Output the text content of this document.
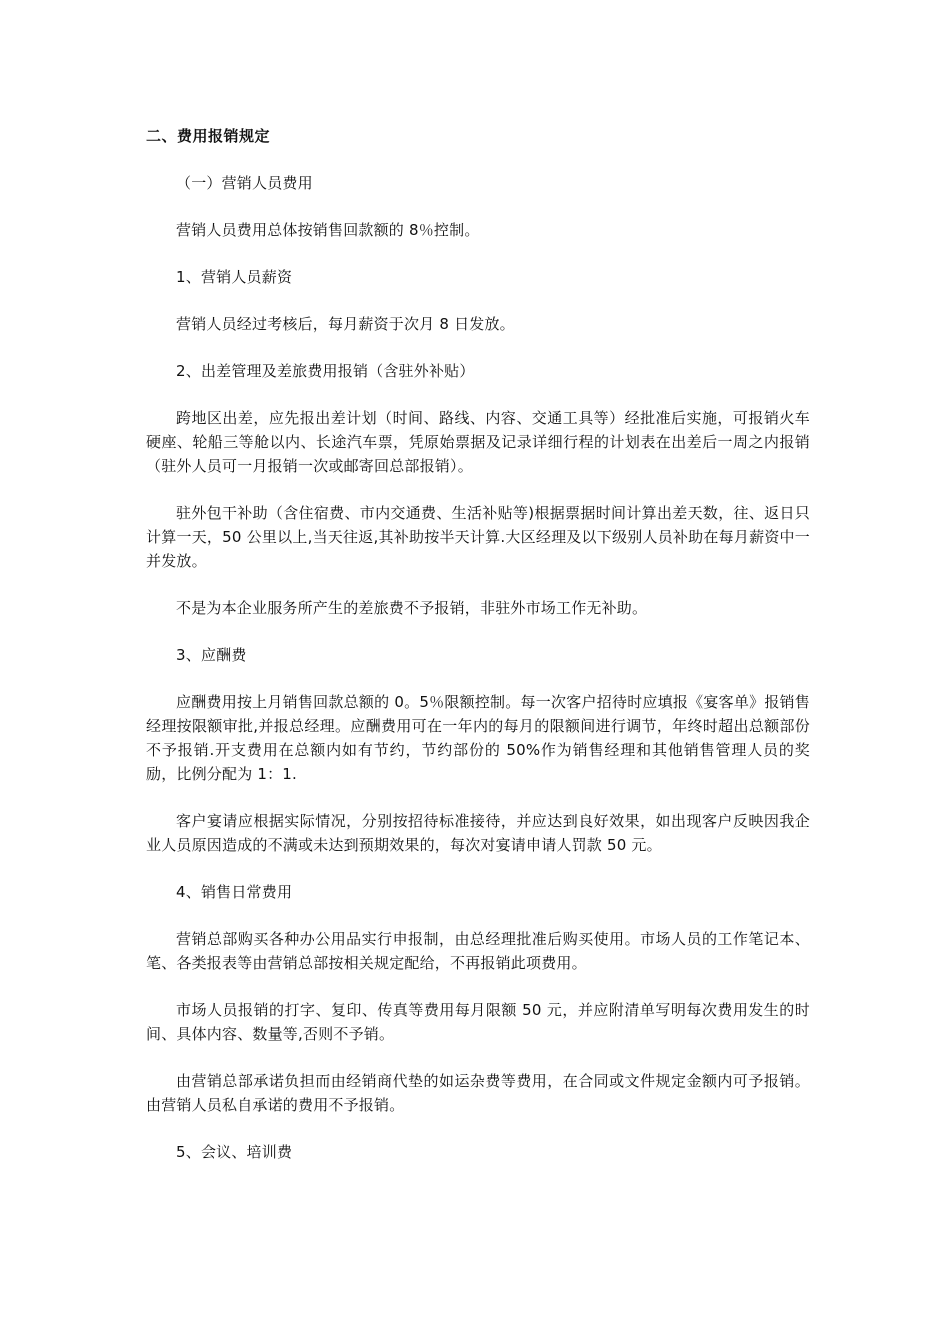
二、费用报销规定
（一）营销人员费用
营销人员费用总体按销售回款额的 8％控制。
1、营销人员薪资
营销人员经过考核后，每月薪资于次月 8 日发放。
2、出差管理及差旅费用报销（含驻外补贴）
跨地区出差，应先报出差计划（时间、路线、内容、交通工具等）经批准后实施，可报销火车硬座、轮船三等舱以内、长途汽车票，凭原始票据及记录详细行程的计划表在出差后一周之内报销（驻外人员可一月报销一次或邮寄回总部报销）。
驻外包干补助（含住宿费、市内交通费、生活补贴等)根据票据时间计算出差天数，往、返日只计算一天，50 公里以上,当天往返,其补助按半天计算.大区经理及以下级别人员补助在每月薪资中一并发放。
不是为本企业服务所产生的差旅费不予报销，非驻外市场工作无补助。
3、应酬费
应酬费用按上月销售回款总额的 0。5％限额控制。每一次客户招待时应填报《宴客单》报销售经理按限额审批,并报总经理。应酬费用可在一年内的每月的限额间进行调节，年终时超出总额部份不予报销.开支费用在总额内如有节约，节约部份的 50%作为销售经理和其他销售管理人员的奖励，比例分配为 1：1.
客户宴请应根据实际情况，分别按招待标准接待，并应达到良好效果，如出现客户反映因我企业人员原因造成的不满或未达到预期效果的，每次对宴请申请人罚款 50 元。
4、销售日常费用
营销总部购买各种办公用品实行申报制，由总经理批准后购买使用。市场人员的工作笔记本、笔、各类报表等由营销总部按相关规定配给，不再报销此项费用。
市场人员报销的打字、复印、传真等费用每月限额 50 元，并应附清单写明每次费用发生的时间、具体内容、数量等,否则不予销。
由营销总部承诺负担而由经销商代垫的如运杂费等费用，在合同或文件规定金额内可予报销。由营销人员私自承诺的费用不予报销。
5、会议、培训费
